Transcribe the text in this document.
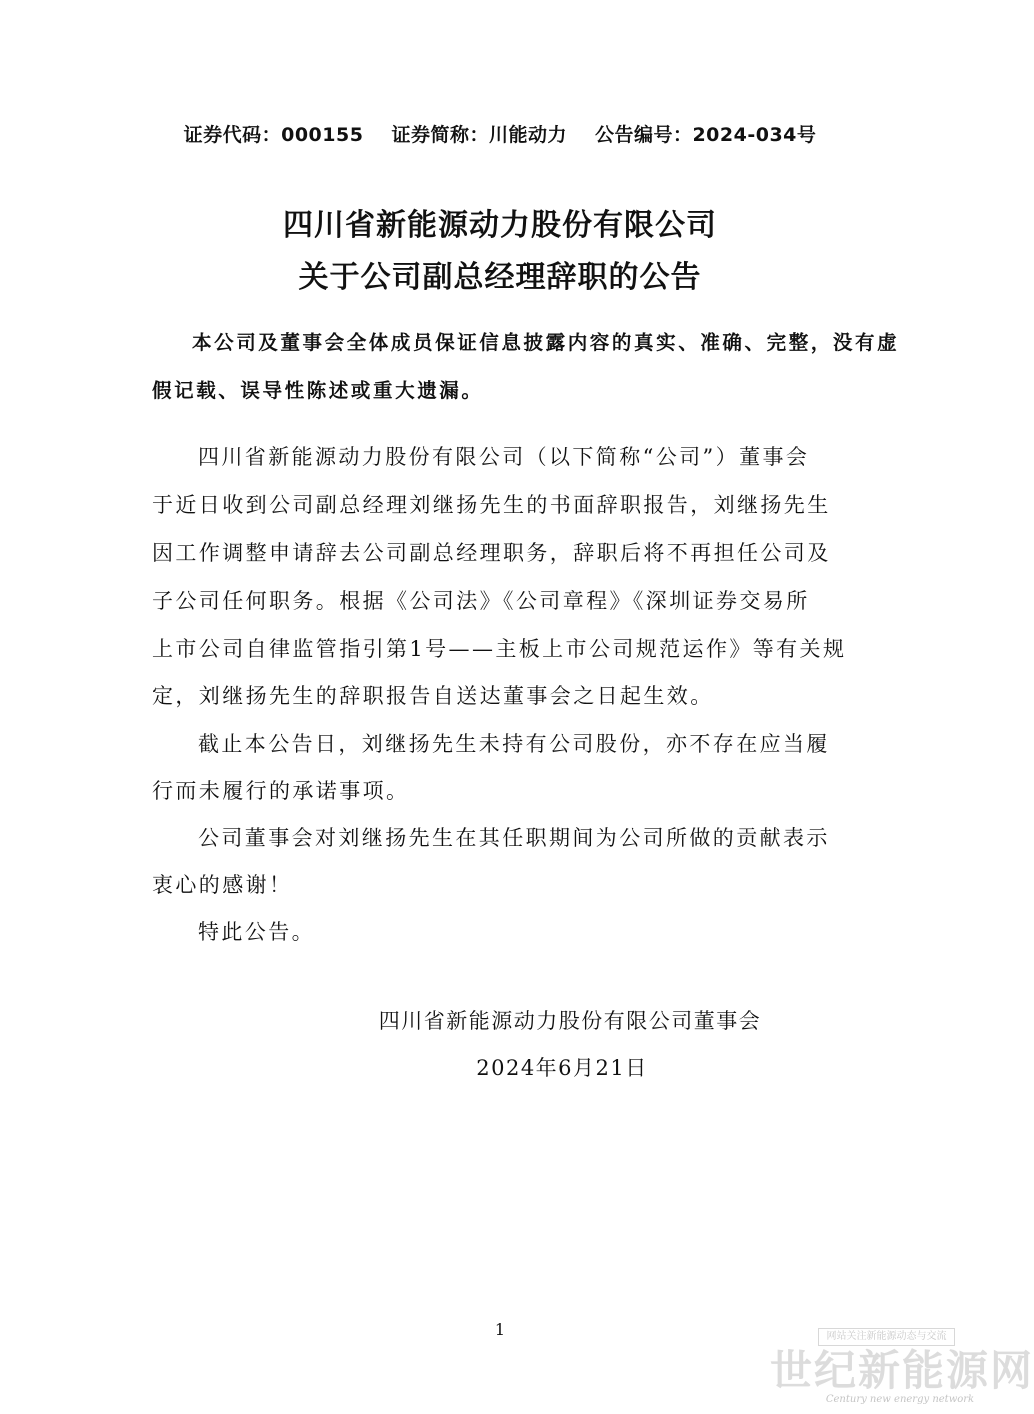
证券代码：000155 证券简称：川能动力 公告编号：2024-034号
四川省新能源动力股份有限公司
关于公司副总经理辞职的公告
本公司及董事会全体成员保证信息披露内容的真实、准确、完整，没有虚
假记载、误导性陈述或重大遗漏。
四川省新能源动力股份有限公司（以下简称“公司”）董事会
于近日收到公司副总经理刘继扬先生的书面辞职报告，刘继扬先生
因工作调整申请辞去公司副总经理职务，辞职后将不再担任公司及
子公司任何职务。根据《公司法》《公司章程》《深圳证券交易所
上市公司自律监管指引第1号——主板上市公司规范运作》等有关规
定，刘继扬先生的辞职报告自送达董事会之日起生效。
截止本公告日，刘继扬先生未持有公司股份，亦不存在应当履
行而未履行的承诺事项。
公司董事会对刘继扬先生在其任职期间为公司所做的贡献表示
衷心的感谢！
特此公告。
四川省新能源动力股份有限公司董事会
2024年6月21日
1	网站关注新能源动态与交流
世纪新能源网
Century new energy network
